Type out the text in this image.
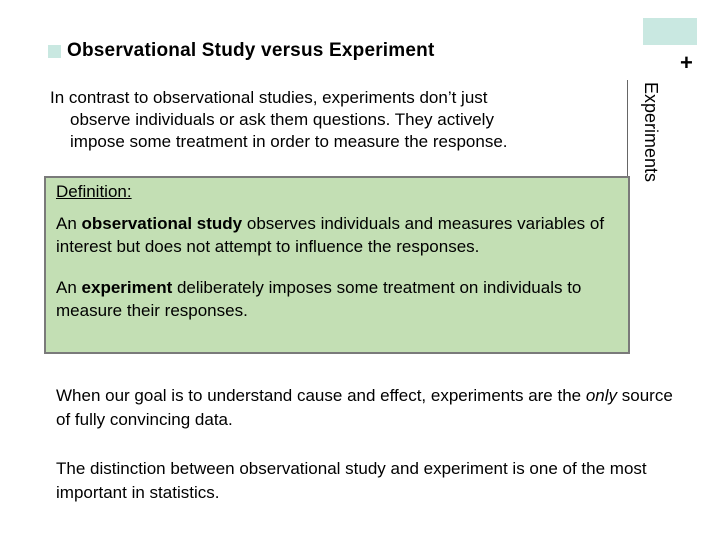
+
Experiments
Observational Study versus Experiment
In contrast to observational studies, experiments don’t just
observe individuals or ask them questions. They actively
impose some treatment in order to measure the response.
Definition:
An observational study observes individuals and measures variables of interest but does not attempt to influence the responses.
An experiment deliberately imposes some treatment on individuals to measure their responses.
When our goal is to understand cause and effect, experiments are the only source of fully convincing data.
The distinction between observational study and experiment is one of the most important in statistics.
